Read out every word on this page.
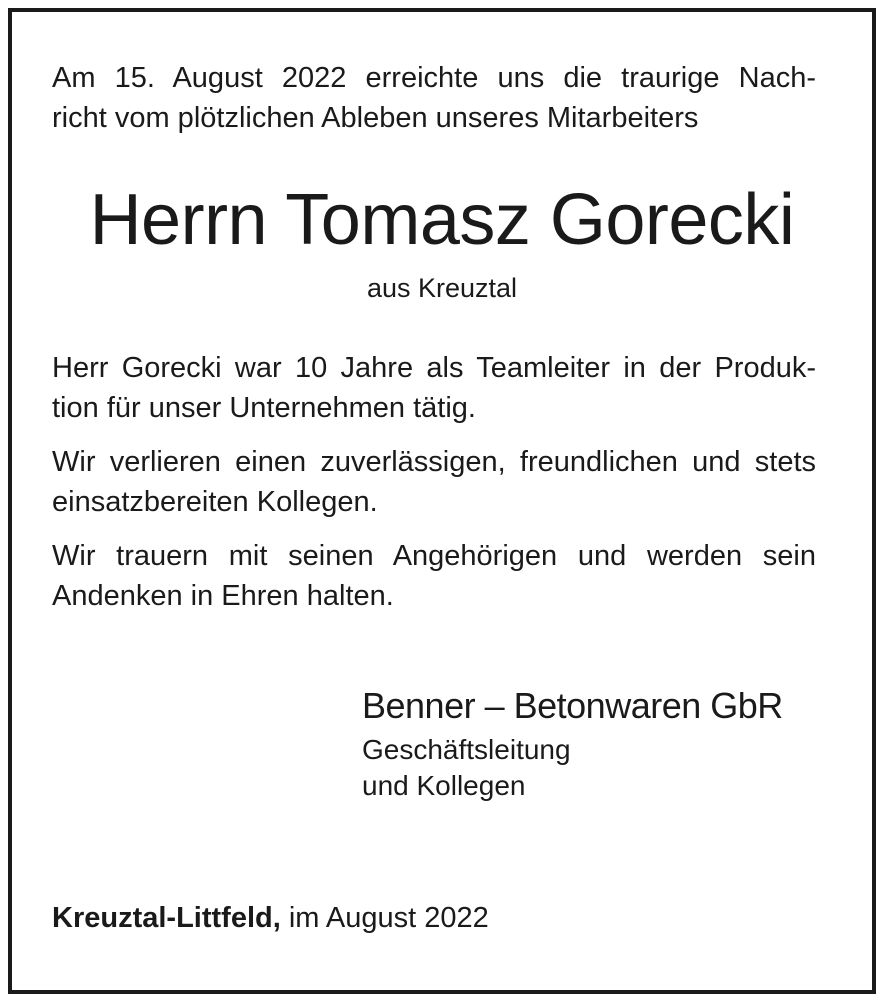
Am 15. August 2022 erreichte uns die traurige Nach-
richt vom plötzlichen Ableben unseres Mitarbeiters
Herrn Tomasz Gorecki
aus Kreuztal
Herr Gorecki war 10 Jahre als Teamleiter in der Produk-
tion für unser Unternehmen tätig.
Wir verlieren einen zuverlässigen, freundlichen und stets
einsatzbereiten Kollegen.
Wir trauern mit seinen Angehörigen und werden sein
Andenken in Ehren halten.
Benner – Betonwaren GbR
Geschäftsleitung
und Kollegen
Kreuztal-Littfeld, im August 2022
